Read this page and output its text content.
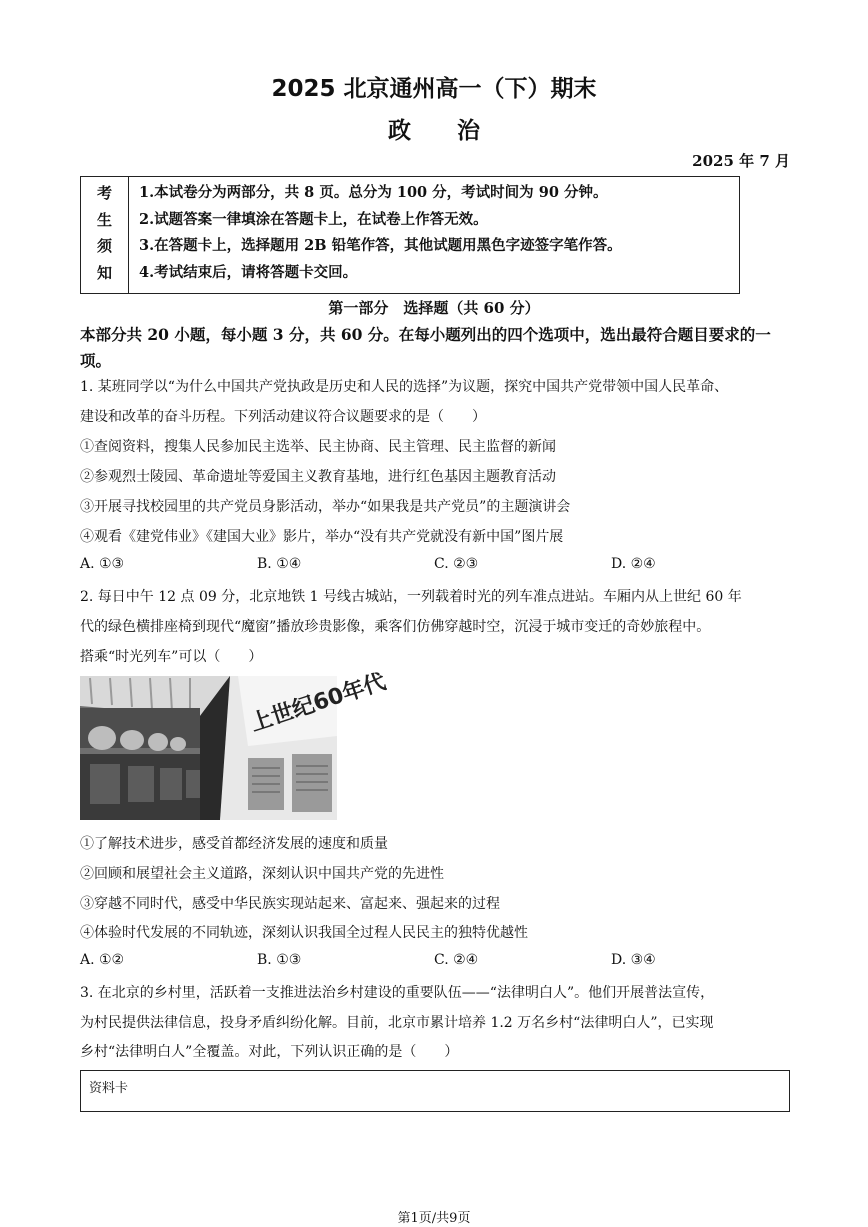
2025 北京通州高一（下）期末
政治
2025 年 7 月
考
生
须
知
1.本试卷分为两部分，共 8 页。总分为 100 分，考试时间为 90 分钟。
2.试题答案一律填涂在答题卡上，在试卷上作答无效。
3.在答题卡上，选择题用 2B 铅笔作答，其他试题用黑色字迹签字笔作答。
4.考试结束后，请将答题卡交回。
第一部分　选择题（共 60 分）
本部分共 20 小题，每小题 3 分，共 60 分。在每小题列出的四个选项中，选出最符合题目要求的一项。
1. 某班同学以“为什么中国共产党执政是历史和人民的选择”为议题，探究中国共产党带领中国人民革命、
建设和改革的奋斗历程。下列活动建议符合议题要求的是（　　）
①查阅资料，搜集人民参加民主选举、民主协商、民主管理、民主监督的新闻
②参观烈士陵园、革命遗址等爱国主义教育基地，进行红色基因主题教育活动
③开展寻找校园里的共产党员身影活动，举办“如果我是共产党员”的主题演讲会
④观看《建党伟业》《建国大业》影片，举办“没有共产党就没有新中国”图片展
A. ①③	B. ①④	C. ②③	D. ②④
2. 每日中午 12 点 09 分，北京地铁 1 号线古城站，一列载着时光的列车准点进站。车厢内从上世纪 60 年
代的绿色横排座椅到现代“魔窗”播放珍贵影像，乘客们仿佛穿越时空，沉浸于城市变迁的奇妙旅程中。
搭乘“时光列车”可以（　　）
上世纪60年代
①了解技术进步，感受首都经济发展的速度和质量
②回顾和展望社会主义道路，深刻认识中国共产党的先进性
③穿越不同时代，感受中华民族实现站起来、富起来、强起来的过程
④体验时代发展的不同轨迹，深刻认识我国全过程人民民主的独特优越性
A. ①②	B. ①③	C. ②④	D. ③④
3. 在北京的乡村里，活跃着一支推进法治乡村建设的重要队伍——“法律明白人”。他们开展普法宣传，
为村民提供法律信息，投身矛盾纠纷化解。目前，北京市累计培养 1.2 万名乡村“法律明白人”，已实现
乡村“法律明白人”全覆盖。对此，下列认识正确的是（　　）
资料卡
第1页/共9页
